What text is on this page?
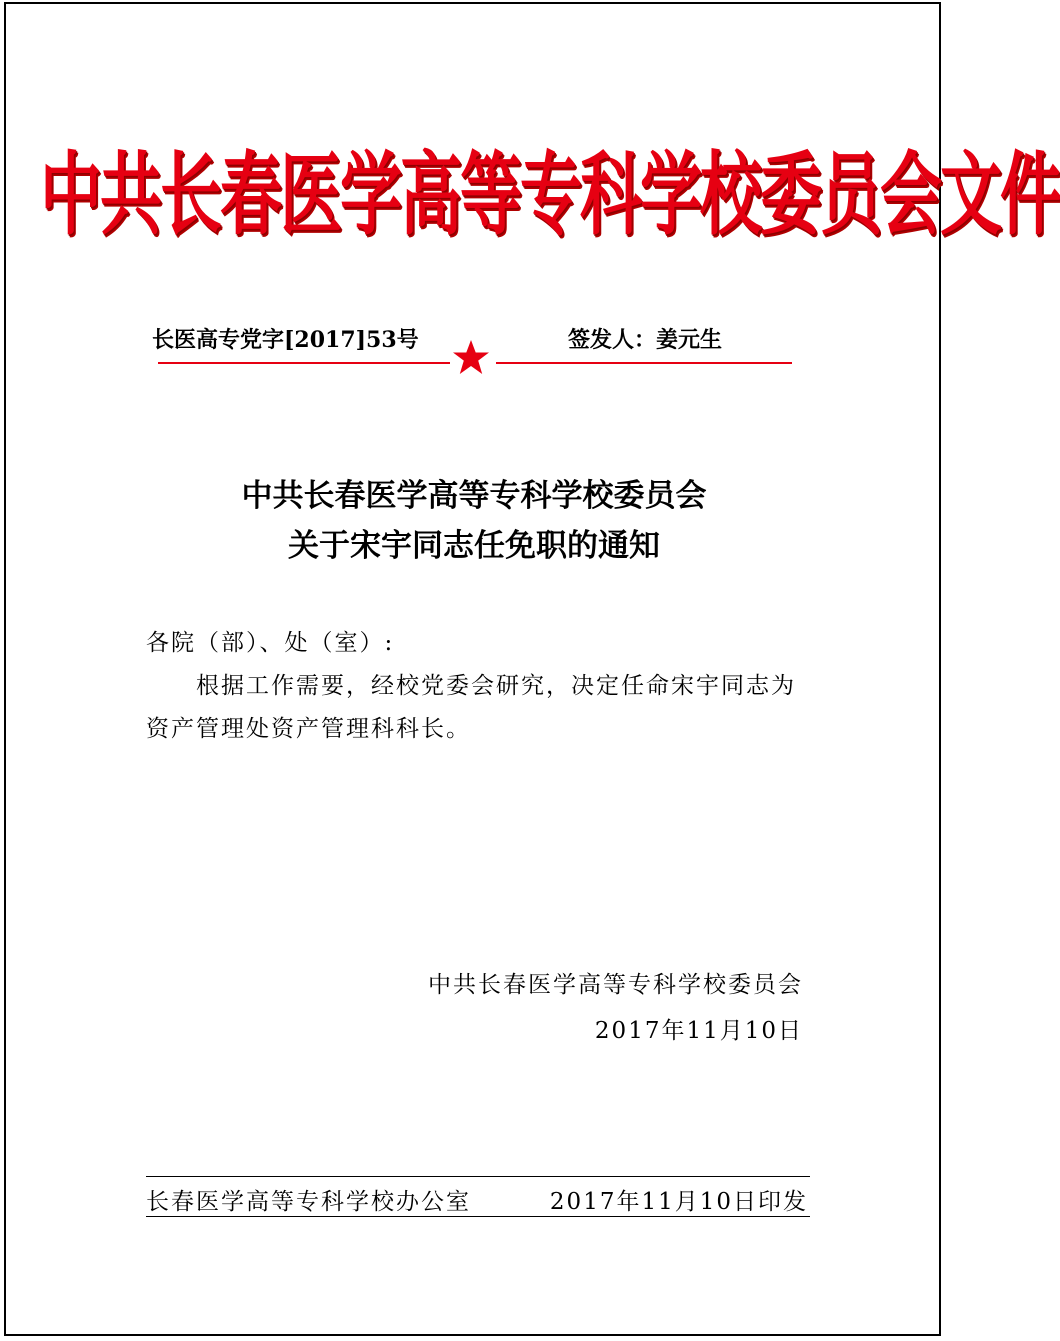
中共长春医学高等专科学校委员会文件
长医高专党字[2017]53号	签发人：姜元生
中共长春医学高等专科学校委员会
关于宋宇同志任免职的通知
各院（部）、处（室）:
根据工作需要，经校党委会研究，决定任命宋宇同志为
资产管理处资产管理科科长。
中共长春医学高等专科学校委员会
2017年11月10日
长春医学高等专科学校办公室	2017年11月10日印发
